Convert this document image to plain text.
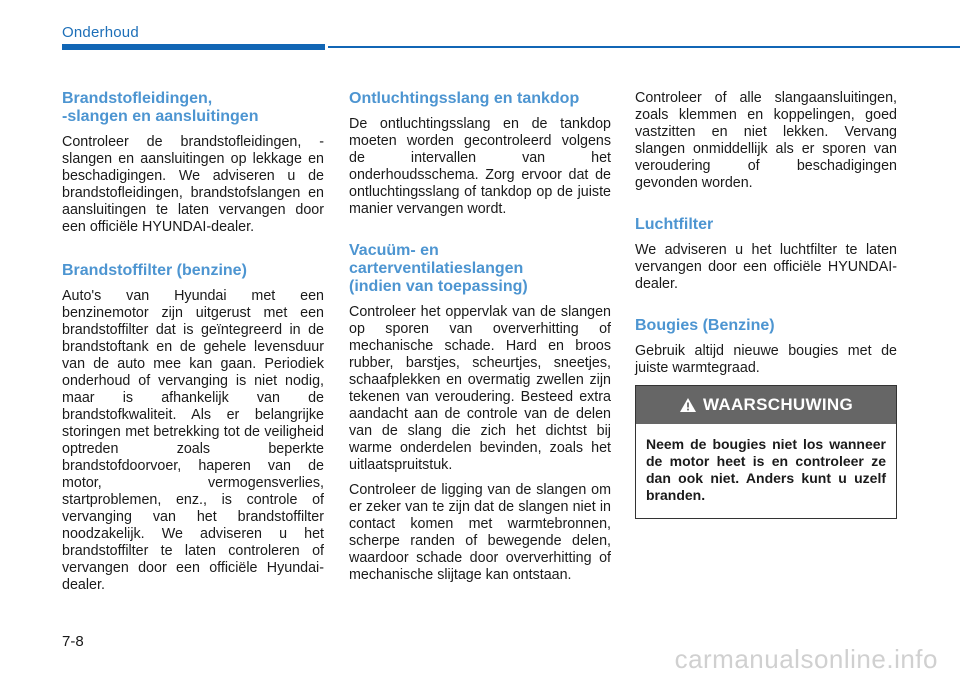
Onderhoud
Brandstofleidingen,
-slangen en aansluitingen

Controleer de brandstofleidingen, -slangen en aansluitingen op lekkage en beschadigingen. We adviseren u de brandstofleidingen, brandstofslangen en aansluitingen te laten vervangen door een officiële HYUNDAI-dealer.

Brandstoffilter (benzine)

Auto's van Hyundai met een benzinemotor zijn uitgerust met een brandstoffilter dat is geïntegreerd in de brandstoftank en de gehele levensduur van de auto mee kan gaan. Periodiek onderhoud of vervanging is niet nodig, maar is afhankelijk van de brandstofkwaliteit. Als er belangrijke storingen met betrekking tot de veiligheid optreden zoals beperkte brandstofdoorvoer, haperen van de motor, vermogensverlies, startproblemen, enz., is controle of vervanging van het brandstoffilter noodzakelijk. We adviseren u het brandstoffilter te laten controleren of vervangen door een officiële Hyundai-dealer.

Ontluchtingsslang en tankdop

De ontluchtingsslang en de tankdop moeten worden gecontroleerd volgens de intervallen van het onderhoudsschema. Zorg ervoor dat de ontluchtingsslang of tankdop op de juiste manier vervangen wordt.

Vacuüm- en
carterventilatieslangen
(indien van toepassing)

Controleer het oppervlak van de slangen op sporen van oververhitting of mechanische schade. Hard en broos rubber, barstjes, scheurtjes, sneetjes, schaafplekken en overmatig zwellen zijn tekenen van veroudering. Besteed extra aandacht aan de controle van de delen van de slang die zich het dichtst bij warme onderdelen bevinden, zoals het uitlaatspruitstuk.

Controleer de ligging van de slangen om er zeker van te zijn dat de slangen niet in contact komen met warmtebronnen, scherpe randen of bewegende delen, waardoor schade door oververhitting of mechanische slijtage kan ontstaan.

Controleer of alle slangaansluitingen, zoals klemmen en koppelingen, goed vastzitten en niet lekken. Vervang slangen onmiddellijk als er sporen van veroudering of beschadigingen gevonden worden.

Luchtfilter

We adviseren u het luchtfilter te laten vervangen door een officiële HYUNDAI-dealer.

Bougies (Benzine)

Gebruik altijd nieuwe bougies met de juiste warmtegraad.

WAARSCHUWING
Neem de bougies niet los wanneer de motor heet is en controleer ze dan ook niet. Anders kunt u uzelf branden.
7-8
carmanualsonline.info
